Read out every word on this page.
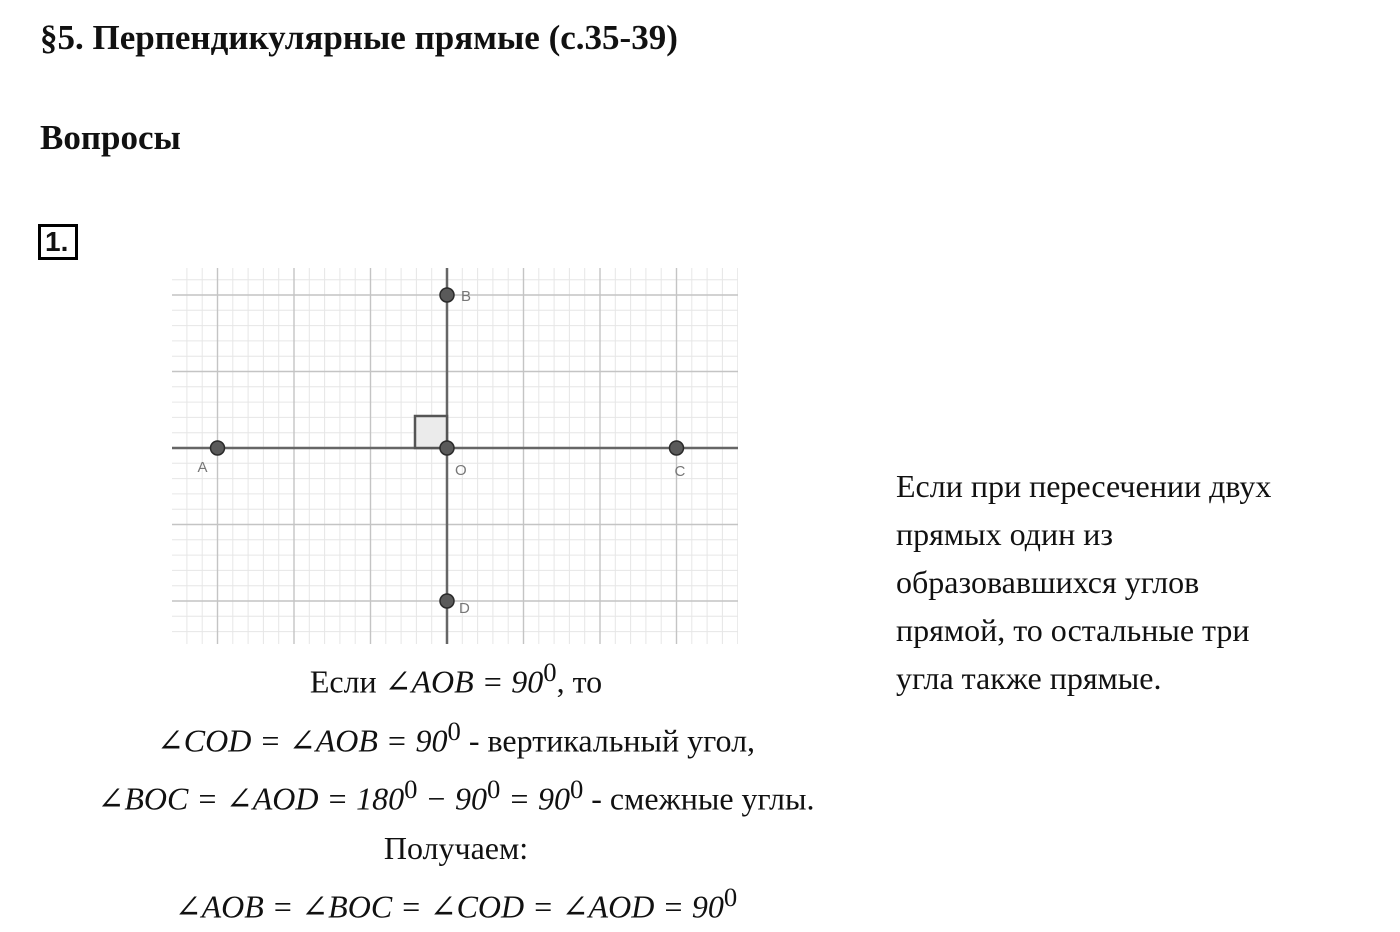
§5. Перпендикулярные прямые (с.35-39)
Вопросы
1.
A	O	C
B
D
Если ∠AOB = $90^0$, то
∠COD = ∠AOB = $90^0$ - вертикальный угол,
∠BOC = ∠AOD = $180^0 - 90^0 = 90^0$ - смежные углы.
Получаем:
∠AOB = ∠BOC = ∠COD = ∠AOD = $90^0$
Если при пересечении двух
прямых один из
образовавшихся углов
прямой, то остальные три
угла также прямые.
